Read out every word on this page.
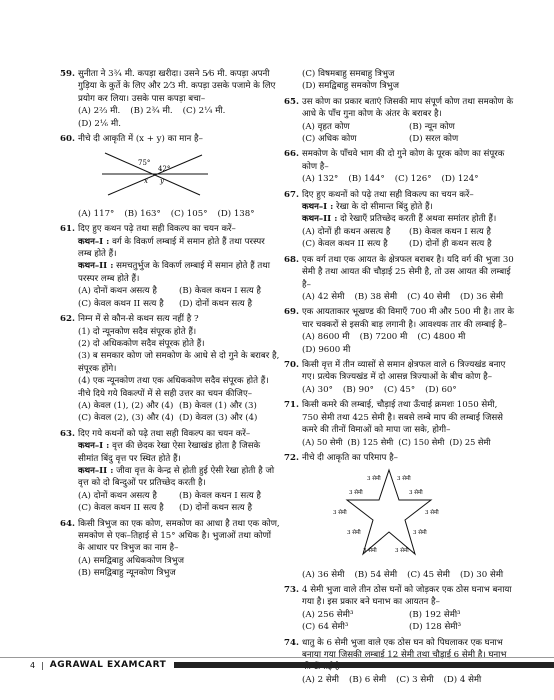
59. सुनीता ने 3¾ मी. कपड़ा खरीदा। उसने 5⁄6 मी. कपड़ा अपनी गुड़िया के कुर्ते के लिए और 2⁄3 मी. कपड़ा उसके पजामे के लिए प्रयोग कर लिया। उसके पास कपड़ा बचा–
(A) 2⅔ मी. (B) 2¾ मी. (C) 2¼ मी.
(D) 2⅙ मी.
60. नीचे दी आकृति में (x + y) का मान है–
75°
42°
x y
(A) 117° (B) 163° (C) 105° (D) 138°
61. दिए हुए कथन पढ़े तथा सही विकल्प का चयन करें–
कथन–I : वर्ग के विकर्ण लम्बाई में समान होते हैं तथा परस्पर लम्ब होते हैं।
कथन–II : समचतुर्भुज के विकर्ण लम्बाई में समान होते हैं तथा परस्पर लम्ब होते हैं।
(A) दोनों कथन असत्य है	(B) केवल कथन I सत्य है
(C) केवल कथन II सत्य है	(D) दोनों कथन सत्य है
62. निम्न में से कौन-से कथन सत्य नहीं है ?
(1) दो न्यूनकोण सदैव संपूरक होते हैं।
(2) दो अधिककोण सदैव संपूरक होते हैं।
(3) ब समकार कोण जो समकोण के आधे से दो गुने के बराबर है, संपूरक होंगे।
(4) एक न्यूनकोण तथा एक अधिककोण सदैव संपूरक होते हैं।
नीचे दिये गये विकल्पों में से सही उत्तर का चयन कीजिए–
(A) केवल (1), (2) और (4) (B) केवल (1) और (3)
(C) केवल (2), (3) और (4) (D) केवल (3) और (4)
63. दिए गये कथनों को पढ़े तथा सही विकल्प का चयन करें–
कथन–I : वृत्त की छेदक रेखा ऐसा रेखाखंड होता है जिसके सीमांत बिंदु वृत्त पर स्थित होते हैं।
कथन–II : जीवा वृत्त के केन्द्र से होती हुई ऐसी रेखा होती है जो वृत्त को दो बिन्दुओं पर प्रतिच्छेद करती है।
(A) दोनों कथन असत्य है	(B) केवल कथन I सत्य है
(C) केवल कथन II सत्य है	(D) दोनों कथन सत्य है
64. किसी त्रिभुज का एक कोण, समकोण का आधा है तथा एक कोण, समकोण से एक–तिहाई से 15° अधिक है। भुजाओं तथा कोणों के आधार पर त्रिभुज का नाम है–
(A) समद्विबाहु अधिककोण त्रिभुज
(B) समद्विबाहु न्यूनकोण त्रिभुज
(C) विषमबाहु समबाहु त्रिभुज
(D) समद्विबाहु समकोण त्रिभुज
65. उस कोण का प्रकार बताएं जिसकी माप संपूर्ण कोण तथा समकोण के आधे के पाँच गुना कोण के अंतर के बराबर है।
(A) वृहत कोण	(B) न्यून कोण
(C) अधिक कोण	(D) सरल कोण
66. समकोण के पाँचवे भाग की दो गुने कोण के पूरक कोण का संपूरक कोण है–
(A) 132° (B) 144° (C) 126° (D) 124°
67. दिए हुए कथनों को पढ़े तथा सही विकल्प का चयन करें–
कथन–I : रेखा के दो सीमान्त बिंदु होते हैं।
कथन–II : दो रेखाएँ प्रतिच्छेद करती हैं अथवा समांतर होती हैं।
(A) दोनों ही कथन असत्य है	(B) केवल कथन I सत्य है
(C) केवल कथन II सत्य है	(D) दोनों ही कथन सत्य है
68. एक वर्ग तथा एक आयत के क्षेत्रफल बराबर है। यदि वर्ग की भुजा 30 सेमी है तथा आयत की चौड़ाई 25 सेमी है, तो उस आयत की लम्बाई है–
(A) 42 सेमी (B) 38 सेमी (C) 40 सेमी (D) 36 सेमी
69. एक आयताकार भूखण्ड की विमाएँ 700 मी और 500 मी है। तार के चार चक्करों से इसकी बाड़ लगानी है। आवश्यक तार की लम्बाई है–
(A) 8600 मी (B) 7200 मी (C) 4800 मी
(D) 9600 मी
70. किसी वृत्त में तीन व्यासों से समान क्षेत्रफल वाले 6 त्रिज्यखंड बनाए गए। प्रत्येक त्रिज्यखंड में दो आसन्न त्रिज्याओं के बीच कोण है–
(A) 30° (B) 90° (C) 45° (D) 60°
71. किसी कमरे की लम्बाई, चौड़ाई तथा ऊँचाई क्रमशः 1050 सेमी, 750 सेमी तथा 425 सेमी है। सबसे लम्बे माप की लम्बाई जिससे कमरे की तीनों विमाओं को मापा जा सके, होगी–
(A) 50 सेमी (B) 125 सेमी (C) 150 सेमी (D) 25 सेमी
72. नीचे दी आकृति का परिमाप है–
3 सेमी	3 सेमी
3 सेमी	3 सेमी
3 सेमी	3 सेमी
3 सेमी	3 सेमी
3 सेमी	3 सेमी
(A) 36 सेमी (B) 54 सेमी (C) 45 सेमी (D) 30 सेमी
73. 4 सेमी भुजा वाले तीन ठोस घनों को जोड़कर एक ठोस घनाभ बनाया गया है। इस प्रकार बने घनाभ का आयतन है–
(A) 256 सेमी³	(B) 192 सेमी³
(C) 64 सेमी³	(D) 128 सेमी³
74. धातु के 6 सेमी भुजा वाले एक ठोस घन को पिघलाकर एक घनाभ बनाया गया जिसकी लम्बाई 12 सेमी तथा चौड़ाई 6 सेमी है। घनाभ
(A) 2 सेमी (B) 6 सेमी (C) 3 सेमी (D) 4 सेमी
4 | AGRAWAL EXAMCART
